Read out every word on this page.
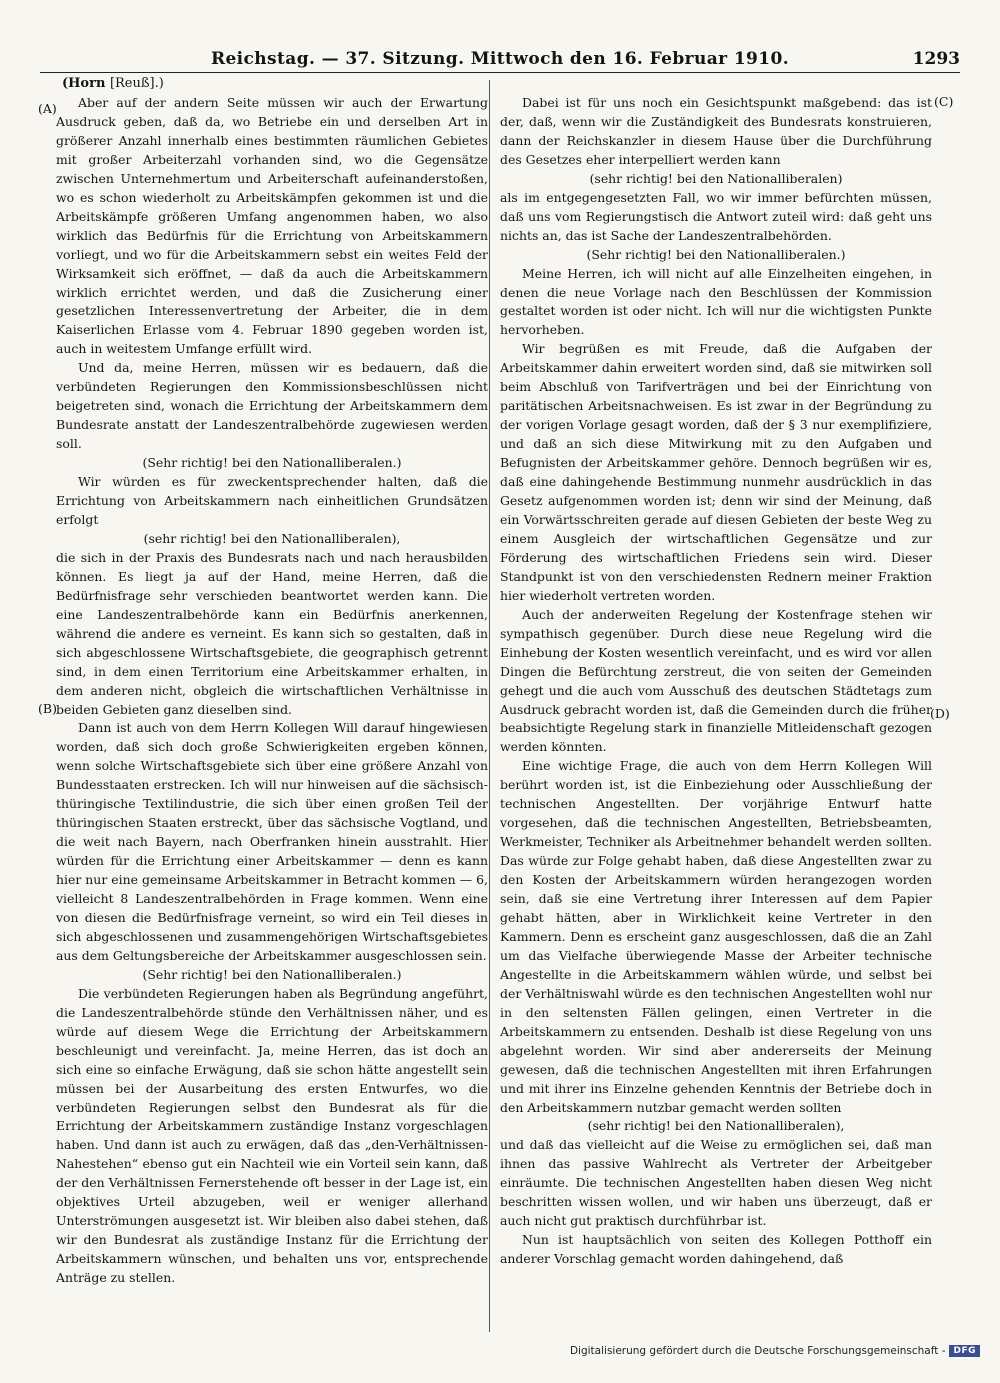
Reichstag. — 37. Sitzung. Mittwoch den 16. Februar 1910.	1293
(Horn [Reuß].)
(A)
(B)
(C)
(D)

Aber auf der andern Seite müssen wir auch der Erwartung Ausdruck geben, daß da, wo Betriebe ein und derselben Art in größerer Anzahl innerhalb eines bestimmten räumlichen Gebietes mit großer Arbeiterzahl vorhanden sind, wo die Gegensätze zwischen Unternehmertum und Arbeiterschaft aufeinanderstoßen, wo es schon wiederholt zu Arbeitskämpfen gekommen ist und die Arbeitskämpfe größeren Umfang angenommen haben, wo also wirklich das Bedürfnis für die Errichtung von Arbeitskammern vorliegt, und wo für die Arbeitskammern sebst ein weites Feld der Wirksamkeit sich eröffnet, — daß da auch die Arbeitskammern wirklich errichtet werden, und daß die Zusicherung einer gesetzlichen Interessenvertretung der Arbeiter, die in dem Kaiserlichen Erlasse vom 4. Februar 1890 gegeben worden ist, auch in weitestem Umfange erfüllt wird.

Und da, meine Herren, müssen wir es bedauern, daß die verbündeten Regierungen den Kommissionsbeschlüssen nicht beigetreten sind, wonach die Errichtung der Arbeitskammern dem Bundesrate anstatt der Landeszentralbehörde zugewiesen werden soll.

(Sehr richtig! bei den Nationalliberalen.)

Wir würden es für zweckentsprechender halten, daß die Errichtung von Arbeitskammern nach einheitlichen Grundsätzen erfolgt

(sehr richtig! bei den Nationalliberalen),

die sich in der Praxis des Bundesrats nach und nach herausbilden können. Es liegt ja auf der Hand, meine Herren, daß die Bedürfnisfrage sehr verschieden beantwortet werden kann. Die eine Landeszentralbehörde kann ein Bedürfnis anerkennen, während die andere es verneint. Es kann sich so gestalten, daß in sich abgeschlossene Wirtschaftsgebiete, die geographisch getrennt sind, in dem einen Territorium eine Arbeitskammer erhalten, in dem anderen nicht, obgleich die wirtschaftlichen Verhältnisse in beiden Gebieten ganz dieselben sind.

Dann ist auch von dem Herrn Kollegen Will darauf hingewiesen worden, daß sich doch große Schwierigkeiten ergeben können, wenn solche Wirtschaftsgebiete sich über eine größere Anzahl von Bundesstaaten erstrecken. Ich will nur hinweisen auf die sächsisch-thüringische Textilindustrie, die sich über einen großen Teil der thüringischen Staaten erstreckt, über das sächsische Vogtland, und die weit nach Bayern, nach Oberfranken hinein ausstrahlt. Hier würden für die Errichtung einer Arbeitskammer — denn es kann hier nur eine gemeinsame Arbeitskammer in Betracht kommen — 6, vielleicht 8 Landeszentralbehörden in Frage kommen. Wenn eine von diesen die Bedürfnisfrage verneint, so wird ein Teil dieses in sich abgeschlossenen und zusammengehörigen Wirtschaftsgebietes aus dem Geltungsbereiche der Arbeitskammer ausgeschlossen sein.

(Sehr richtig! bei den Nationalliberalen.)

Die verbündeten Regierungen haben als Begründung angeführt, die Landeszentralbehörde stünde den Verhältnissen näher, und es würde auf diesem Wege die Errichtung der Arbeitskammern beschleunigt und vereinfacht. Ja, meine Herren, das ist doch an sich eine so einfache Erwägung, daß sie schon hätte angestellt sein müssen bei der Ausarbeitung des ersten Entwurfes, wo die verbündeten Regierungen selbst den Bundesrat als für die Errichtung der Arbeitskammern zuständige Instanz vorgeschlagen haben. Und dann ist auch zu erwägen, daß das „den-Verhältnissen-Nahestehen“ ebenso gut ein Nachteil wie ein Vorteil sein kann, daß der den Verhältnissen Fernerstehende oft besser in der Lage ist, ein objektives Urteil abzugeben, weil er weniger allerhand Unterströmungen ausgesetzt ist. Wir bleiben also dabei stehen, daß wir den Bundesrat als zuständige Instanz für die Errichtung der Arbeitskammern wünschen, und behalten uns vor, entsprechende Anträge zu stellen.

Dabei ist für uns noch ein Gesichtspunkt maßgebend: das ist der, daß, wenn wir die Zuständigkeit des Bundesrats konstruieren, dann der Reichskanzler in diesem Hause über die Durchführung des Gesetzes eher interpelliert werden kann

(sehr richtig! bei den Nationalliberalen)

als im entgegengesetzten Fall, wo wir immer befürchten müssen, daß uns vom Regierungstisch die Antwort zuteil wird: daß geht uns nichts an, das ist Sache der Landeszentralbehörden.

(Sehr richtig! bei den Nationalliberalen.)

Meine Herren, ich will nicht auf alle Einzelheiten eingehen, in denen die neue Vorlage nach den Beschlüssen der Kommission gestaltet worden ist oder nicht. Ich will nur die wichtigsten Punkte hervorheben.

Wir begrüßen es mit Freude, daß die Aufgaben der Arbeitskammer dahin erweitert worden sind, daß sie mitwirken soll beim Abschluß von Tarifverträgen und bei der Einrichtung von paritätischen Arbeitsnachweisen. Es ist zwar in der Begründung zu der vorigen Vorlage gesagt worden, daß der § 3 nur exemplifiziere, und daß an sich diese Mitwirkung mit zu den Aufgaben und Befugnisten der Arbeitskammer gehöre. Dennoch begrüßen wir es, daß eine dahingehende Bestimmung nunmehr ausdrücklich in das Gesetz aufgenommen worden ist; denn wir sind der Meinung, daß ein Vorwärtsschreiten gerade auf diesen Gebieten der beste Weg zu einem Ausgleich der wirtschaftlichen Gegensätze und zur Förderung des wirtschaftlichen Friedens sein wird. Dieser Standpunkt ist von den verschiedensten Rednern meiner Fraktion hier wiederholt vertreten worden.

Auch der anderweiten Regelung der Kostenfrage stehen wir sympathisch gegenüber. Durch diese neue Regelung wird die Einhebung der Kosten wesentlich vereinfacht, und es wird vor allen Dingen die Befürchtung zerstreut, die von seiten der Gemeinden gehegt und die auch vom Ausschuß des deutschen Städtetags zum Ausdruck gebracht worden ist, daß die Gemeinden durch die früher beabsichtigte Regelung stark in finanzielle Mitleidenschaft gezogen werden könnten.

Eine wichtige Frage, die auch von dem Herrn Kollegen Will berührt worden ist, ist die Einbeziehung oder Ausschließung der technischen Angestellten. Der vorjährige Entwurf hatte vorgesehen, daß die technischen Angestellten, Betriebsbeamten, Werkmeister, Techniker als Arbeitnehmer behandelt werden sollten. Das würde zur Folge gehabt haben, daß diese Angestellten zwar zu den Kosten der Arbeitskammern würden herangezogen worden sein, daß sie eine Vertretung ihrer Interessen auf dem Papier gehabt hätten, aber in Wirklichkeit keine Vertreter in den Kammern. Denn es erscheint ganz ausgeschlossen, daß die an Zahl um das Vielfache überwiegende Masse der Arbeiter technische Angestellte in die Arbeitskammern wählen würde, und selbst bei der Verhältniswahl würde es den technischen Angestellten wohl nur in den seltensten Fällen gelingen, einen Vertreter in die Arbeitskammern zu entsenden. Deshalb ist diese Regelung von uns abgelehnt worden. Wir sind aber andererseits der Meinung gewesen, daß die technischen Angestellten mit ihren Erfahrungen und mit ihrer ins Einzelne gehenden Kenntnis der Betriebe doch in den Arbeitskammern nutzbar gemacht werden sollten

(sehr richtig! bei den Nationalliberalen),

und daß das vielleicht auf die Weise zu ermöglichen sei, daß man ihnen das passive Wahlrecht als Vertreter der Arbeitgeber einräumte. Die technischen Angestellten haben diesen Weg nicht beschritten wissen wollen, und wir haben uns überzeugt, daß er auch nicht gut praktisch durchführbar ist.

Nun ist hauptsächlich von seiten des Kollegen Potthoff ein anderer Vorschlag gemacht worden dahingehend, daß

Digitalisierung gefördert durch die Deutsche Forschungsgemeinschaft - DFG
